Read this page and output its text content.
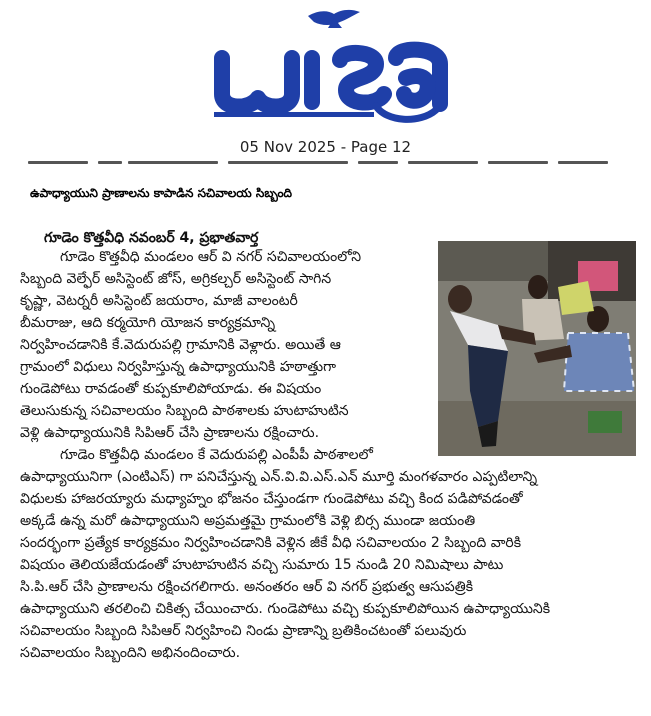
05 Nov 2025 - Page 12
ఉపాధ్యాయుని ప్రాణాలను కాపాడిన సచివాలయ సిబ్బంది
గూడెం కొత్తవీధి నవంబర్ 4, ప్రభాతవార్త
గూడెం కొత్తవీధి మండలం ఆర్ వి నగర్ సచివాలయంలోని
సిబ్బంది వెల్ఫేర్ అసిస్టెంట్ జోస్, అగ్రికల్చర్ అసిస్టెంట్ సాగిన
కృష్ణా, వెటర్నరీ అసిస్టెంట్ జయరాం, మాజీ వాలంటరీ
బీమరాజు, ఆది కర్మయోగి యోజన కార్యక్రమాన్ని
నిర్వహించడానికి కే.వెదురుపల్లి గ్రామానికి వెళ్లారు. అయితే ఆ
గ్రామంలో విధులు నిర్వహిస్తున్న ఉపాధ్యాయునికి హఠాత్తుగా
గుండెపోటు రావడంతో కుప్పకూలిపోయాడు. ఈ విషయం
తెలుసుకున్న సచివాలయం సిబ్బంది పాఠశాలకు హుటాహుటిన
వెళ్లి ఉపాధ్యాయునికి సిపిఆర్ చేసి ప్రాణాలను రక్షించారు.
గూడెం కొత్తవీధి మండలం కే వెదురుపల్లి ఎంపీపీ పాఠశాలలో
ఉపాధ్యాయునిగా (ఎంటిఎస్) గా పనిచేస్తున్న ఎన్.వి.వి.ఎస్.ఎన్ మూర్తి మంగళవారం ఎప్పటిలాన్ని
విధులకు హాజరయ్యారు మధ్యాహ్నం భోజనం చేస్తుండగా గుండెపోటు వచ్చి కింద పడిపోవడంతో
అక్కడే ఉన్న మరో ఉపాధ్యాయుని అప్రమత్తమై గ్రామంలోకి వెళ్లి బిర్స ముండా జయంతి
సందర్భంగా ప్రత్యేక కార్యక్రమం నిర్వహించడానికి వెళ్లిన జీకే వీధి సచివాలయం 2 సిబ్బంది వారికి
విషయం తెలియజేయడంతో హుటాహుటిన వచ్చి సుమారు 15 నుండి 20 నిమిషాలు పాటు
సి.పి.ఆర్ చేసి ప్రాణాలను రక్షించగలిగారు. అనంతరం ఆర్ వి నగర్ ప్రభుత్వ ఆసుపత్రికి
ఉపాధ్యాయుని తరలించి చికిత్స చేయించారు. గుండెపోటు వచ్చి కుప్పకూలిపోయిన ఉపాధ్యాయునికి
సచివాలయం సిబ్బంది సిపిఆర్ నిర్వహించి నిండు ప్రాణాన్ని బ్రతికించటంతో పలువురు
సచివాలయం సిబ్బందిని అభినందించారు.
